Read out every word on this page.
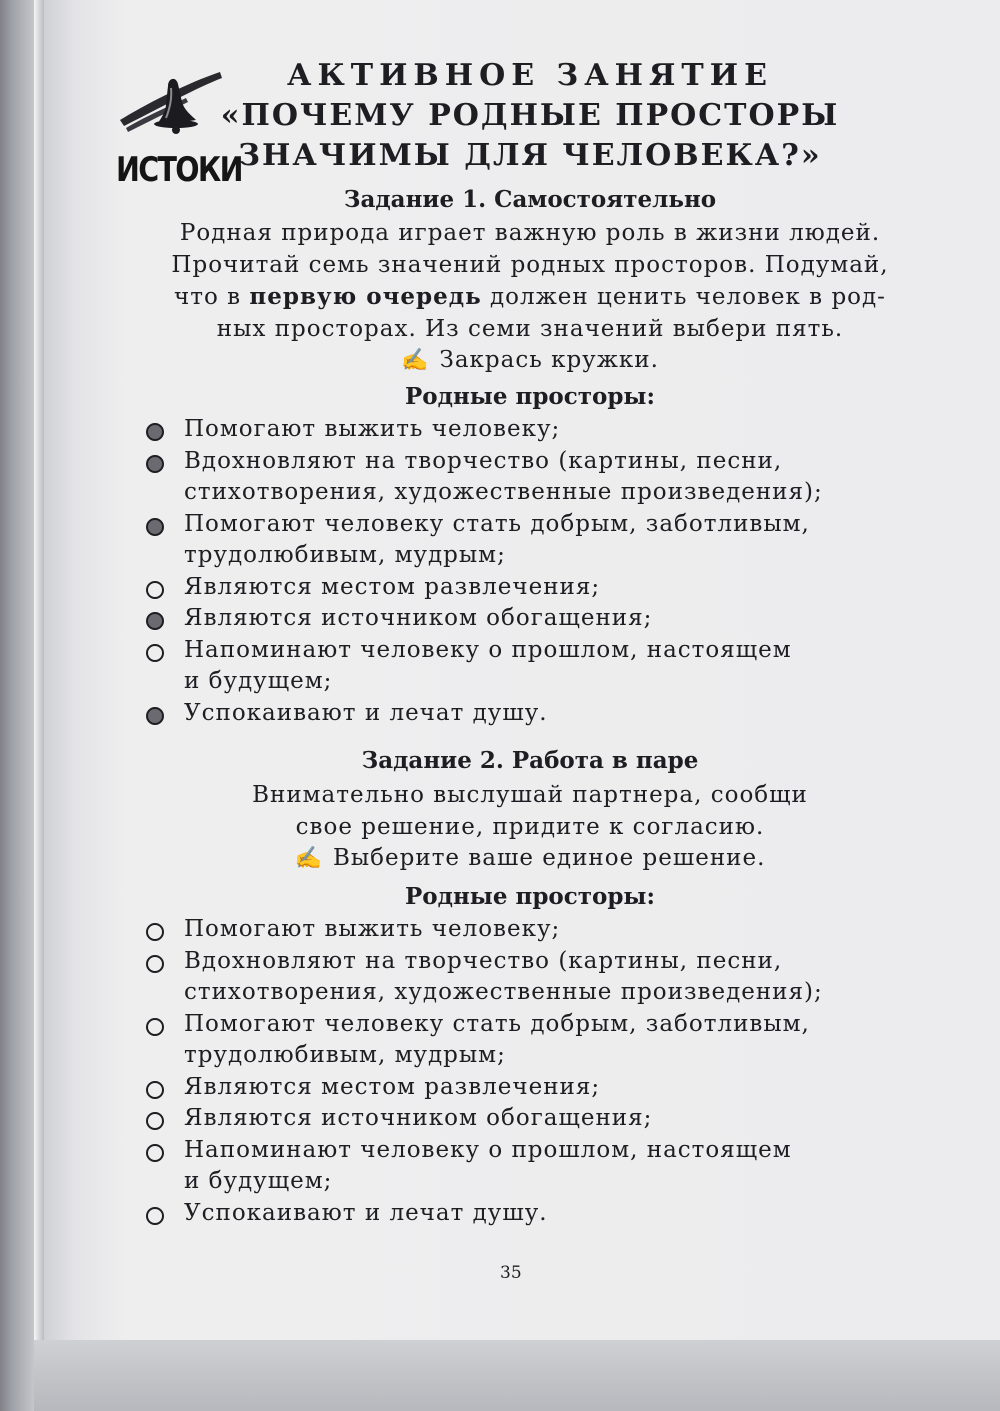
ИСТОКИ
АКТИВНОЕ ЗАНЯТИЕ
«ПОЧЕМУ РОДНЫЕ ПРОСТОРЫ
ЗНАЧИМЫ ДЛЯ ЧЕЛОВЕКА?»
Задание 1. Самостоятельно

Родная природа играет важную роль в жизни людей.

Прочитай семь значений родных просторов. Подумай,

что в первую очередь должен ценить человек в род-

ных просторах. Из семи значений выбери пять.

✍ Закрась кружки.

Родные просторы:
Помогают выжить человеку;
Вдохновляют на творчество (картины, песни,
стихотворения, художественные произведения);
Помогают человеку стать добрым, заботливым,
трудолюбивым, мудрым;
Являются местом развлечения;
Являются источником обогащения;
Напоминают человеку о прошлом, настоящем
и будущем;
Успокаивают и лечат душу.
Задание 2. Работа в паре

Внимательно выслушай партнера, сообщи

свое решение, придите к согласию.

✍ Выберите ваше единое решение.

Родные просторы:
Помогают выжить человеку;
Вдохновляют на творчество (картины, песни,
стихотворения, художественные произведения);
Помогают человеку стать добрым, заботливым,
трудолюбивым, мудрым;
Являются местом развлечения;
Являются источником обогащения;
Напоминают человеку о прошлом, настоящем
и будущем;
Успокаивают и лечат душу.
35
